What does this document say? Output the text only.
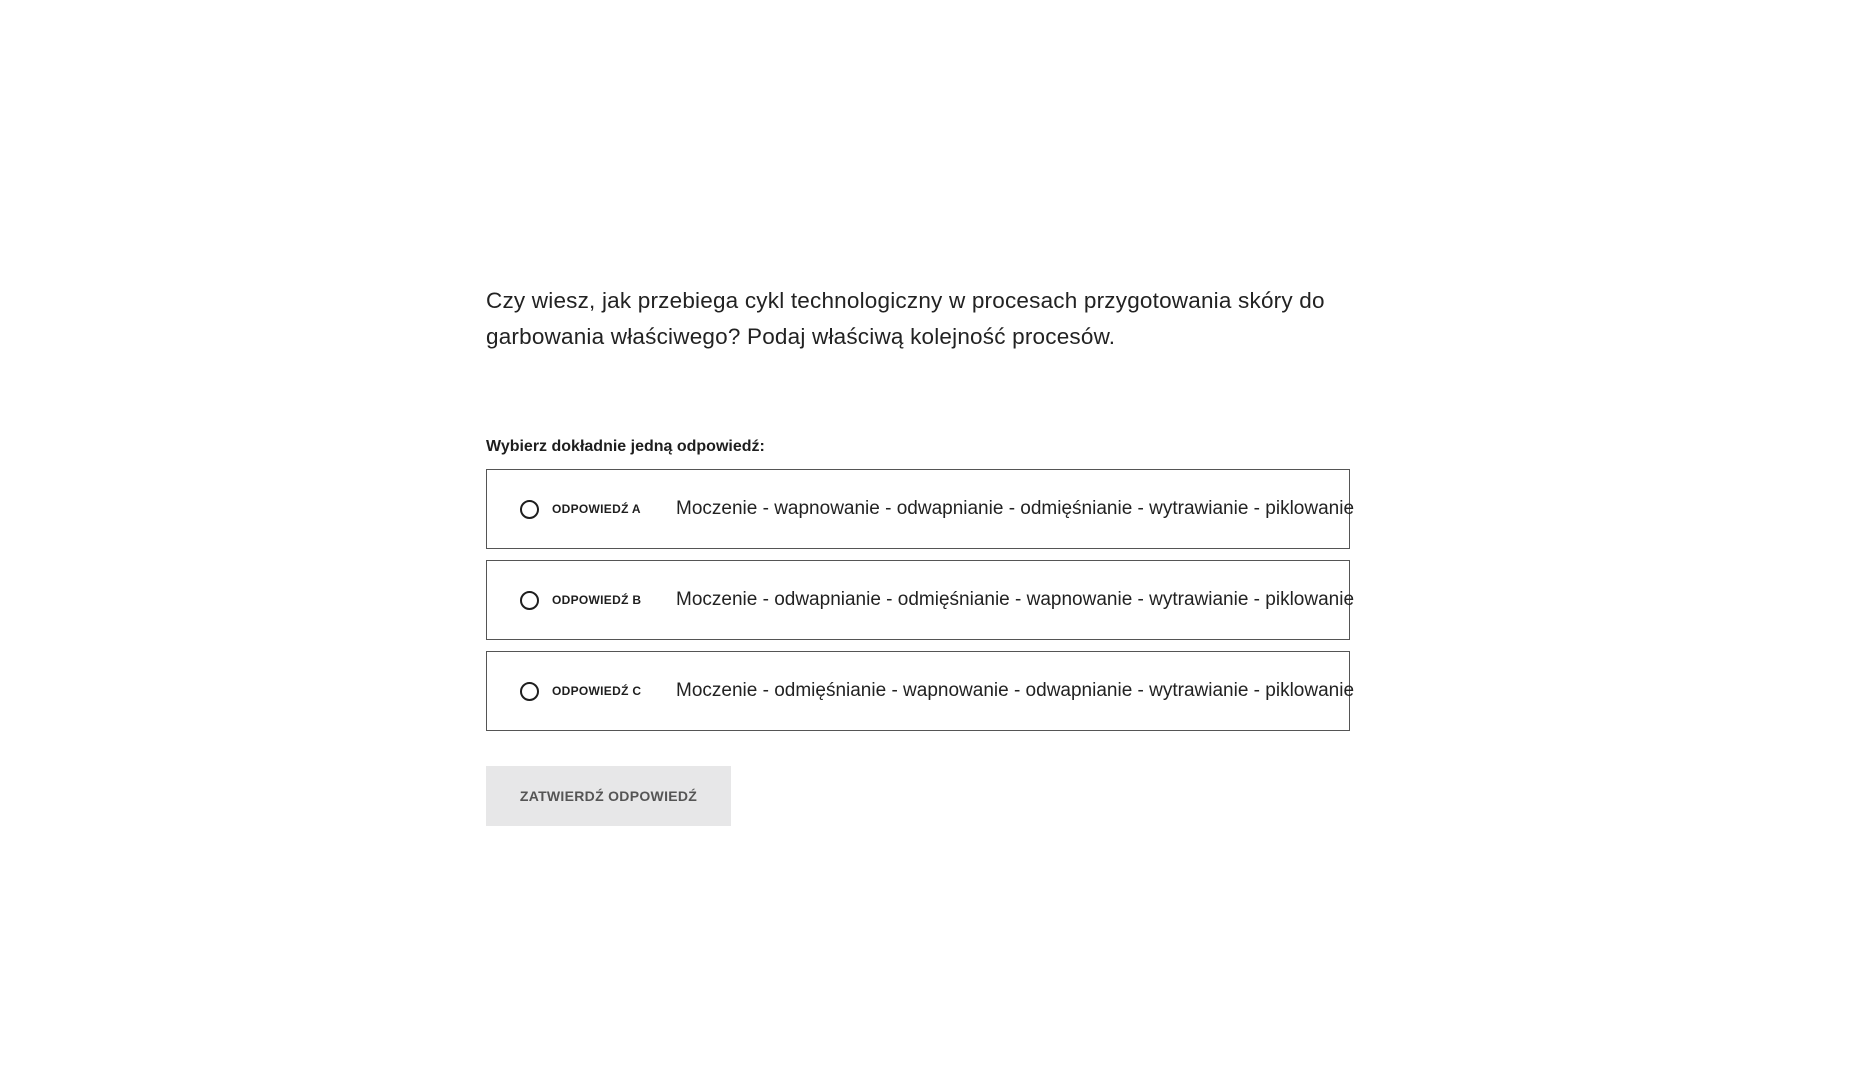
Czy wiesz, jak przebiega cykl technologiczny w procesach przygotowania skóry do garbowania właściwego? Podaj właściwą kolejność procesów.

Wybierz dokładnie jedną odpowiedź:
ODPOWIEDŹ A	Moczenie - wapnowanie - odwapnianie - odmięśnianie - wytrawianie - piklowanie
ODPOWIEDŹ B	Moczenie - odwapnianie - odmięśnianie - wapnowanie - wytrawianie - piklowanie
ODPOWIEDŹ C	Moczenie - odmięśnianie - wapnowanie - odwapnianie - wytrawianie - piklowanie
ZATWIERDŹ ODPOWIEDŹ
